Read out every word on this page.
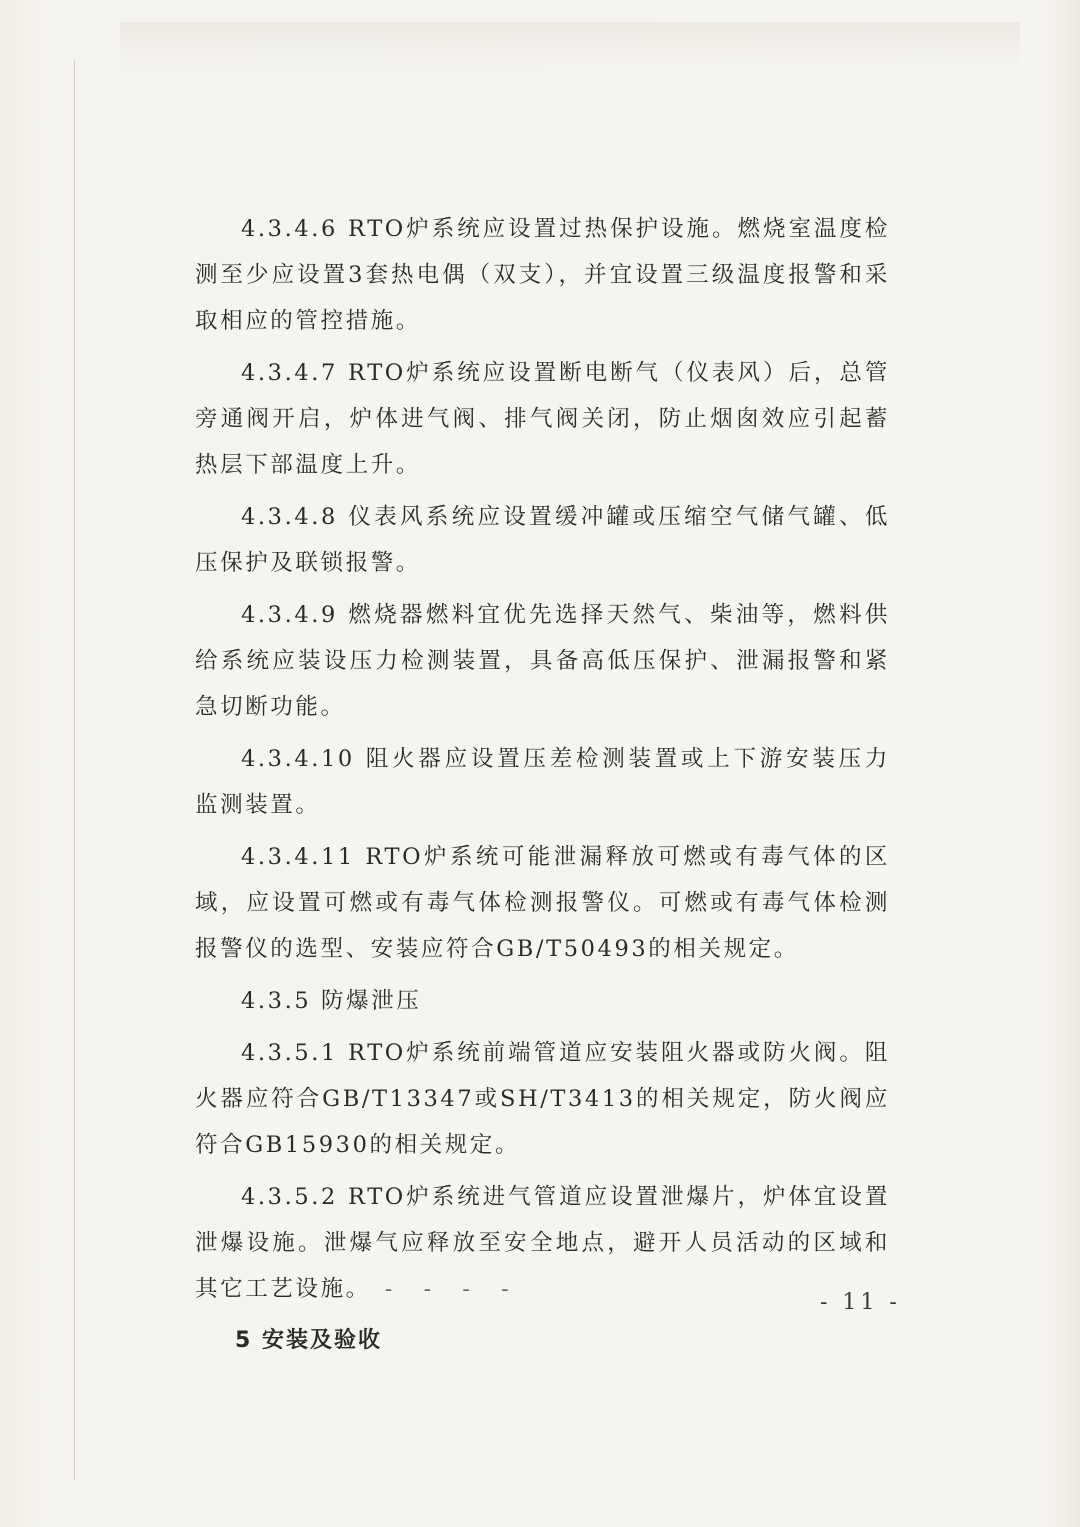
4.3.4.6 RTO炉系统应设置过热保护设施。燃烧室温度检测至少应设置3套热电偶（双支），并宜设置三级温度报警和采取相应的管控措施。

4.3.4.7 RTO炉系统应设置断电断气（仪表风）后，总管旁通阀开启，炉体进气阀、排气阀关闭，防止烟囱效应引起蓄热层下部温度上升。

4.3.4.8 仪表风系统应设置缓冲罐或压缩空气储气罐、低压保护及联锁报警。

4.3.4.9 燃烧器燃料宜优先选择天然气、柴油等，燃料供给系统应装设压力检测装置，具备高低压保护、泄漏报警和紧急切断功能。

4.3.4.10 阻火器应设置压差检测装置或上下游安装压力监测装置。

4.3.4.11 RTO炉系统可能泄漏释放可燃或有毒气体的区域，应设置可燃或有毒气体检测报警仪。可燃或有毒气体检测报警仪的选型、安装应符合GB/T50493的相关规定。

4.3.5 防爆泄压

4.3.5.1 RTO炉系统前端管道应安装阻火器或防火阀。阻火器应符合GB/T13347或SH/T3413的相关规定，防火阀应符合GB15930的相关规定。

4.3.5.2 RTO炉系统进气管道应设置泄爆片，炉体宜设置泄爆设施。泄爆气应释放至安全地点，避开人员活动的区域和其它工艺设施。 - - - -

5 安装及验收

- 11 -
